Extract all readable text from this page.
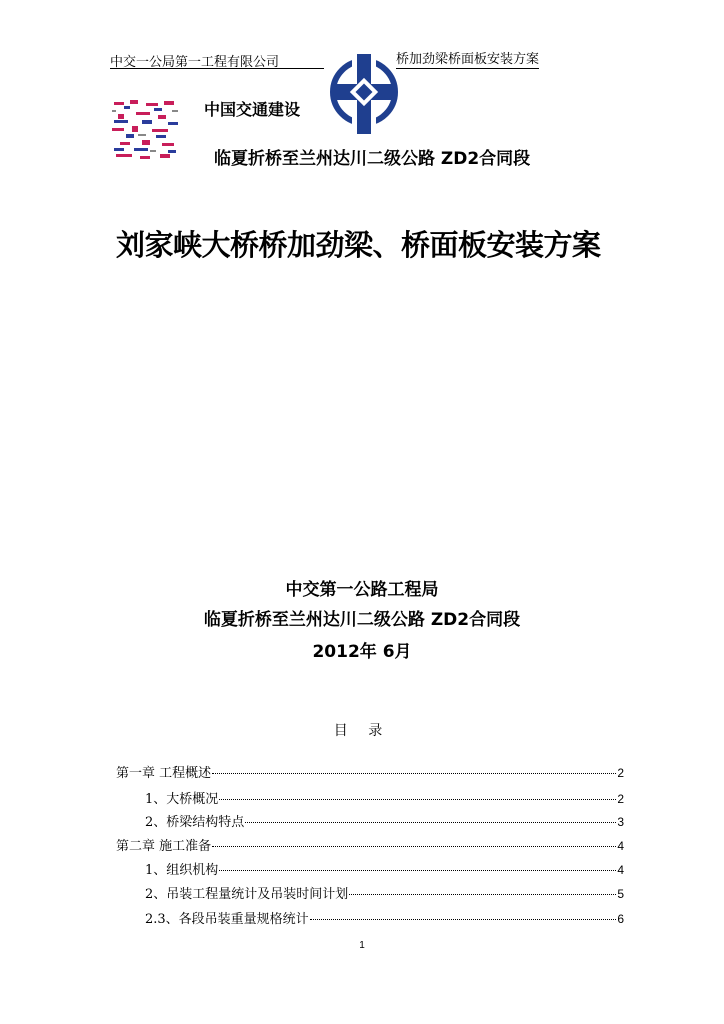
中交一公局第一工程有限公司	桥加劲梁桥面板安装方案
中国交通建设
临夏折桥至兰州达川二级公路 ZD2合同段
刘家峡大桥桥加劲梁、桥面板安装方案
中交第一公路工程局
临夏折桥至兰州达川二级公路 ZD2合同段
2012年 6月
目 录
第一章 工程概述	2
1、大桥概况	2
2、桥梁结构特点	3
第二章 施工准备	4
1、组织机构	4
2、吊装工程量统计及吊装时间计划	5
2.3、各段吊装重量规格统计	6
1
